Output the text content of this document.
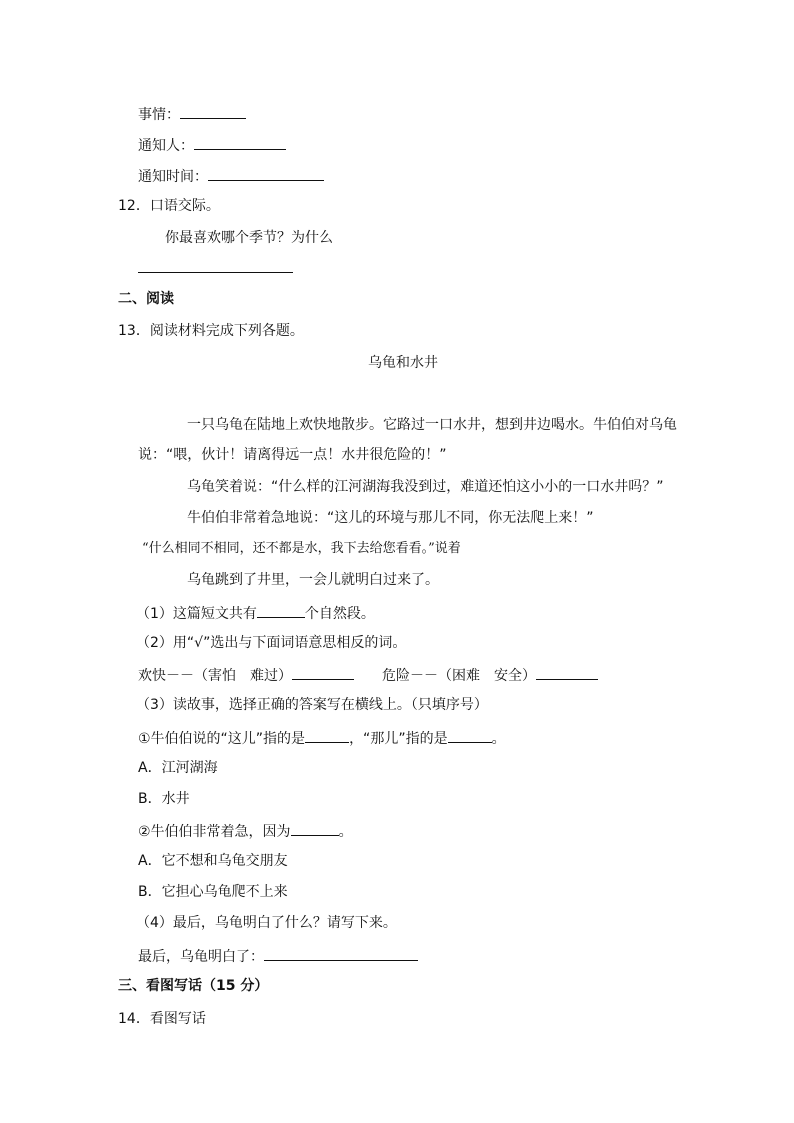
事情：
通知人：
通知时间：
12．口语交际。
你最喜欢哪个季节？为什么
二、阅读
13．阅读材料完成下列各题。
乌龟和水井
一只乌龟在陆地上欢快地散步。它路过一口水井，想到井边喝水。牛伯伯对乌龟
说：“喂，伙计！请离得远一点！水井很危险的！”
乌龟笑着说：“什么样的江河湖海我没到过，难道还怕这小小的一口水井吗？”
牛伯伯非常着急地说：“这儿的环境与那儿不同，你无法爬上来！”
“什么相同不相同，还不都是水，我下去给您看看。”说着
乌龟跳到了井里，一会儿就明白过来了。
（1）这篇短文共有	个自然段。
（2）用“√”选出与下面词语意思相反的词。
欢快－－（害怕　难过）	危险－－（困难　安全）
（3）读故事，选择正确的答案写在横线上。（只填序号）
①牛伯伯说的“这儿”指的是	，“那儿”指的是	。
A．江河湖海
B．水井
②牛伯伯非常着急，因为	。
A．它不想和乌龟交朋友
B．它担心乌龟爬不上来
（4）最后，乌龟明白了什么？请写下来。
最后，乌龟明白了：
三、看图写话（15 分）
14．看图写话
